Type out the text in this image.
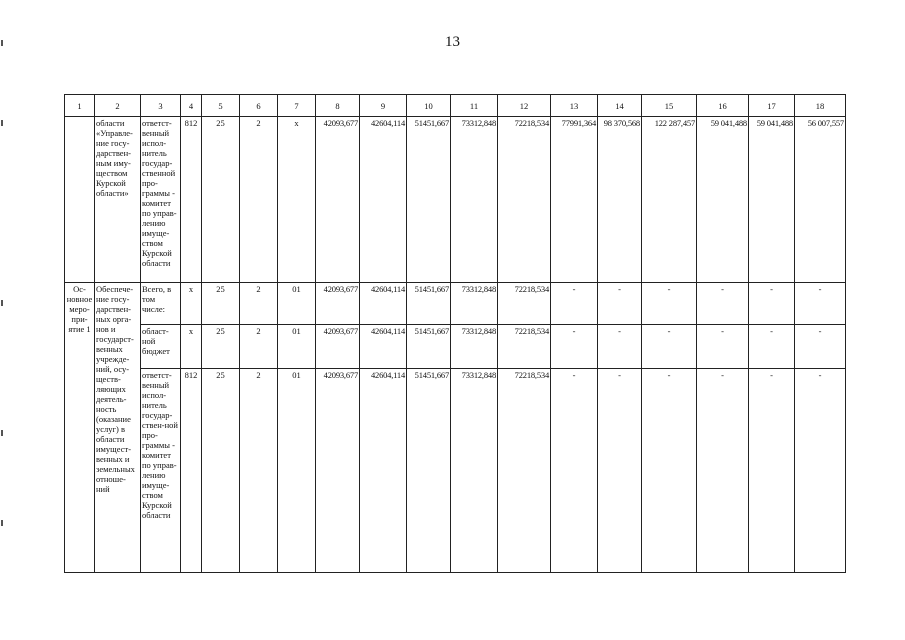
13
1	2	3	4	5	6	7	8	9	10	11	12	13	14	15	16	17	18
	области «Управле-ние госу-дарствен-ным иму-ществом Курской области»	ответст-венный испол-нитель государ-ственной про-граммы - комитет по управ-лению имуще-ством Курской области	812	25	2	x	42093,677	42604,114	51451,667	73312,848	72218,534	77991,364	98 370,568	122 287,457	59 041,488	59 041,488	56 007,557
Ос-новное меро-при-ятие 1	Обеспече-ние госу-дарствен-ных орга-нов и государст-венных учрежде-ний, осу-ществ-ляющих деятель-ность (оказание услуг) в области имущест-венных и земельных отноше-ний	Всего, в том числе:	x	25	2	01	42093,677	42604,114	51451,667	73312,848	72218,534	-	-	-	-	-	-
		област-ной бюджет	x	25	2	01	42093,677	42604,114	51451,667	73312,848	72218,534	-	-	-	-	-	-
		ответст-венный испол-нитель государ-ствен-ной про-граммы - комитет по управ-лению имуще-ством Курской области	812	25	2	01	42093,677	42604,114	51451,667	73312,848	72218,534	-	-	-	-	-	-
